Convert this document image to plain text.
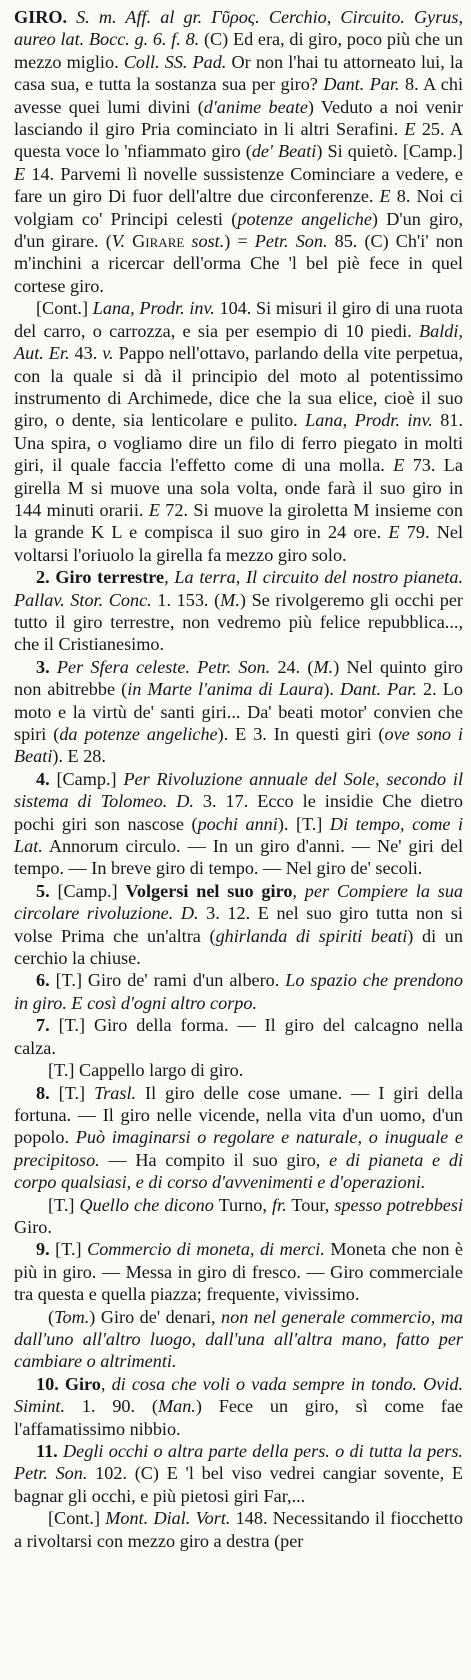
GIRO. S. m. Aff. al gr. Γῦρος. Cerchio, Circuito. Gyrus, aureo lat. Bocc. g. 6. f. 8. (C) Ed era, di giro, poco più che un mezzo miglio. Coll. SS. Pad. Or non l'hai tu attorneato lui, la casa sua, e tutta la sostanza sua per giro? Dant. Par. 8. A chi avesse quei lumi divini (d'anime beate) Veduto a noi venir lasciando il giro Pria cominciato in li altri Serafini. E 25. A questa voce lo 'nfiammato giro (de' Beati) Si quietò. [Camp.] E 14. Parvemi lì novelle sussistenze Cominciare a vedere, e fare un giro Di fuor dell'altre due circonferenze. E 8. Noi ci volgiam co' Principi celesti (potenze angeliche) D'un giro, d'un girare. (V. Girare sost.) = Petr. Son. 85. (C) Ch'i' non m'inchini a ricercar dell'orma Che 'l bel piè fece in quel cortese giro.

[Cont.] Lana, Prodr. inv. 104. Si misuri il giro di una ruota del carro, o carrozza, e sia per esempio di 10 piedi. Baldi, Aut. Er. 43. v. Pappo nell'ottavo, parlando della vite perpetua, con la quale si dà il principio del moto al potentissimo instrumento di Archimede, dice che la sua elice, cioè il suo giro, o dente, sia lenticolare e pulito. Lana, Prodr. inv. 81. Una spira, o vogliamo dire un filo di ferro piegato in molti giri, il quale faccia l'effetto come di una molla. E 73. La girella M si muove una sola volta, onde farà il suo giro in 144 minuti orarii. E 72. Si muove la giroletta M insieme con la grande K L e compisca il suo giro in 24 ore. E 79. Nel voltarsi l'oriuolo la girella fa mezzo giro solo.

2. Giro terrestre, La terra, Il circuito del nostro pianeta. Pallav. Stor. Conc. 1. 153. (M.) Se rivolgeremo gli occhi per tutto il giro terrestre, non vedremo più felice repubblica..., che il Cristianesimo.

3. Per Sfera celeste. Petr. Son. 24. (M.) Nel quinto giro non abitrebbe (in Marte l'anima di Laura). Dant. Par. 2. Lo moto e la virtù de' santi giri... Da' beati motor' convien che spiri (da potenze angeliche). E 3. In questi giri (ove sono i Beati). E 28.

4. [Camp.] Per Rivoluzione annuale del Sole, secondo il sistema di Tolomeo. D. 3. 17. Ecco le insidie Che dietro pochi giri son nascose (pochi anni). [T.] Di tempo, come i Lat. Annorum circulo. — In un giro d'anni. — Ne' giri del tempo. — In breve giro di tempo. — Nel giro de' secoli.

5. [Camp.] Volgersi nel suo giro, per Compiere la sua circolare rivoluzione. D. 3. 12. E nel suo giro tutta non si volse Prima che un'altra (ghirlanda di spiriti beati) di un cerchio la chiuse.

6. [T.] Giro de' rami d'un albero. Lo spazio che prendono in giro. E così d'ogni altro corpo.

7. [T.] Giro della forma. — Il giro del calcagno nella calza.

[T.] Cappello largo di giro.

8. [T.] Trasl. Il giro delle cose umane. — I giri della fortuna. — Il giro nelle vicende, nella vita d'un uomo, d'un popolo. Può imaginarsi o regolare e naturale, o inuguale e precipitoso. — Ha compito il suo giro, e di pianeta e di corpo qualsiasi, e di corso d'avvenimenti e d'operazioni.

[T.] Quello che dicono Turno, fr. Tour, spesso potrebbesi Giro.

9. [T.] Commercio di moneta, di merci. Moneta che non è più in giro. — Messa in giro di fresco. — Giro commerciale tra questa e quella piazza; frequente, vivissimo.

(Tom.) Giro de' denari, non nel generale commercio, ma dall'uno all'altro luogo, dall'una all'altra mano, fatto per cambiare o altrimenti.

10. Giro, di cosa che voli o vada sempre in tondo. Ovid. Simint. 1. 90. (Man.) Fece un giro, sì come fae l'affamatissimo nibbio.

11. Degli occhi o altra parte della pers. o di tutta la pers. Petr. Son. 102. (C) E 'l bel viso vedrei cangiar sovente, E bagnar gli occhi, e più pietosi giri Far,...

[Cont.] Mont. Dial. Vort. 148. Necessitando il fiocchetto a rivoltarsi con mezzo giro a destra (per
